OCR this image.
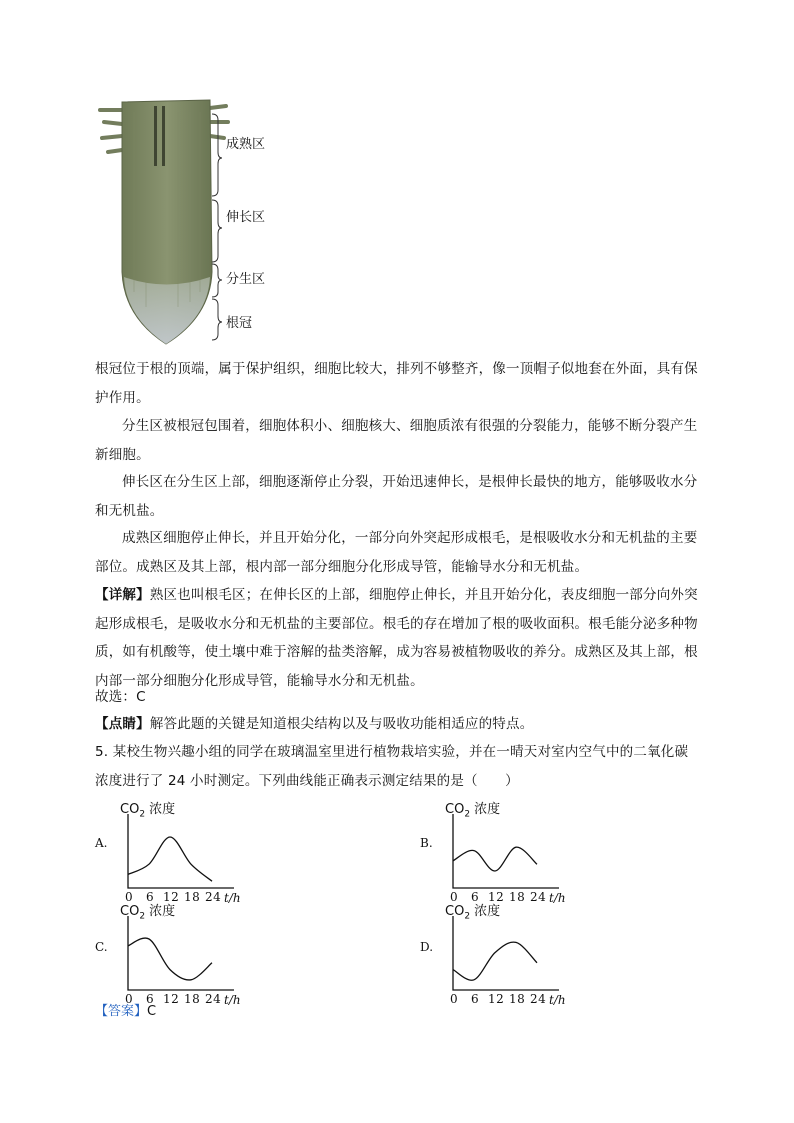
成熟区
伸长区
分生区
根冠
根冠位于根的顶端，属于保护组织，细胞比较大，排列不够整齐，像一顶帽子似地套在外面，具有保护作用。
分生区被根冠包围着，细胞体积小、细胞核大、细胞质浓有很强的分裂能力，能够不断分裂产生新细胞。
伸长区在分生区上部，细胞逐渐停止分裂，开始迅速伸长，是根伸长最快的地方，能够吸收水分和无机盐。
成熟区细胞停止伸长，并且开始分化，一部分向外突起形成根毛，是根吸收水分和无机盐的主要部位。成熟区及其上部，根内部一部分细胞分化形成导管，能输导水分和无机盐。
【详解】熟区也叫根毛区；在伸长区的上部，细胞停止伸长，并且开始分化，表皮细胞一部分向外突起形成根毛，是吸收水分和无机盐的主要部位。根毛的存在增加了根的吸收面积。根毛能分泌多种物质，如有机酸等，使土壤中难于溶解的盐类溶解，成为容易被植物吸收的养分。成熟区及其上部，根内部一部分细胞分化形成导管，能输导水分和无机盐。
故选：C
【点睛】解答此题的关键是知道根尖结构以及与吸收功能相适应的特点。
5. 某校生物兴趣小组的同学在玻璃温室里进行植物栽培实验，并在一晴天对室内空气中的二氧化碳浓度进行了 24 小时测定。下列曲线能正确表示测定结果的是（　　）
A.
$CO_2$ 浓度
0 6 12 18 24 t/h
B.
$CO_2$ 浓度
0 6 12 18 24 t/h
C.
$CO_2$ 浓度
0 6 12 18 24 t/h
D.
$CO_2$ 浓度
0 6 12 18 24 t/h
【答案】C
